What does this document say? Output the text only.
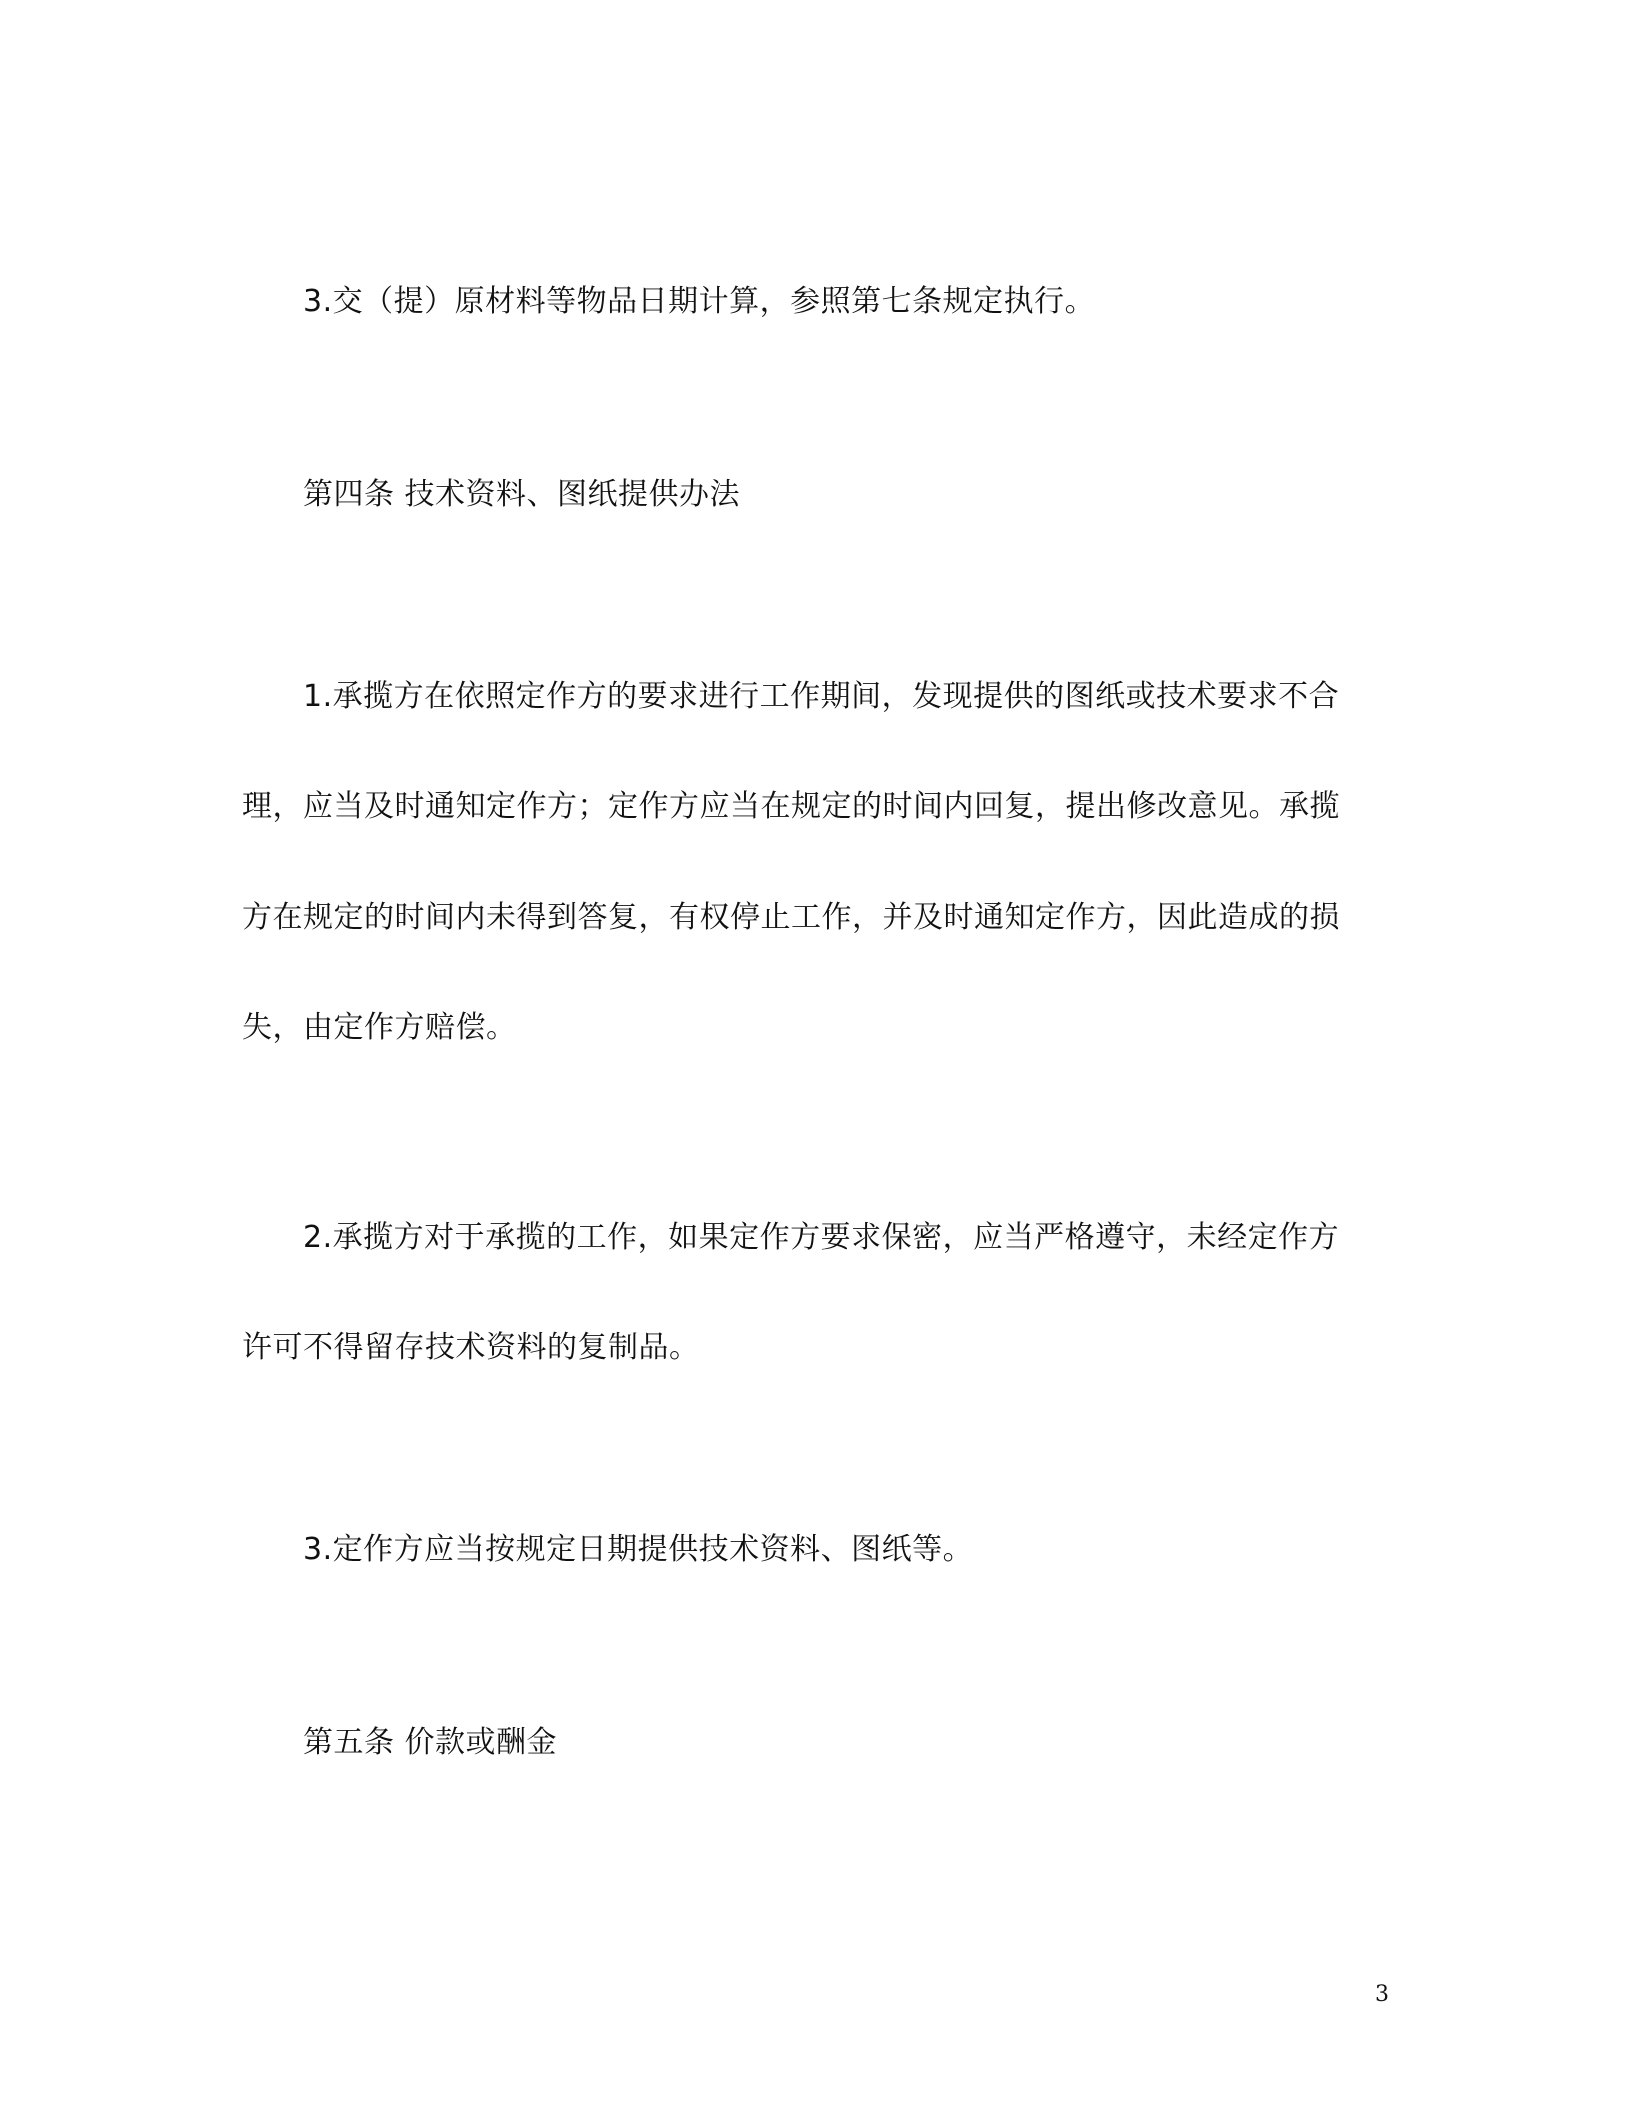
3.交（提）原材料等物品日期计算，参照第七条规定执行。
第四条 技术资料、图纸提供办法
1.承揽方在依照定作方的要求进行工作期间，发现提供的图纸或技术要求不合
理，应当及时通知定作方；定作方应当在规定的时间内回复，提出修改意见。承揽
方在规定的时间内未得到答复，有权停止工作，并及时通知定作方，因此造成的损
失，由定作方赔偿。
2.承揽方对于承揽的工作，如果定作方要求保密，应当严格遵守，未经定作方
许可不得留存技术资料的复制品。
3.定作方应当按规定日期提供技术资料、图纸等。
第五条 价款或酬金
3
